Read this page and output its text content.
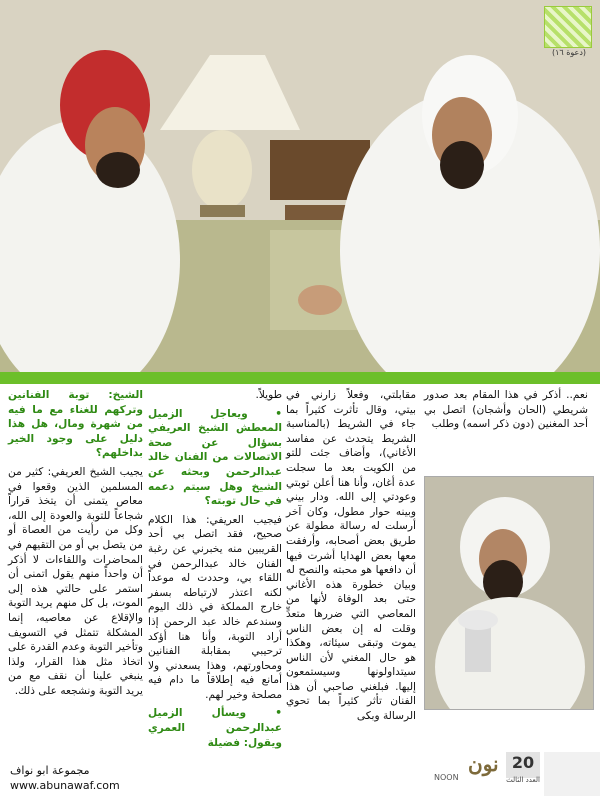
(دعوة ١٦)

نعم.. أذكر في هذا المقام بعد صدور شريطي (الحان وأشجان) اتصل بي أحد المغنين (دون ذكر اسمه) وطلب

مقابلتي، وفعلاً زارني في بيتي، وقال تأثرت كثيراً بما جاء في الشريط (بالمناسبة الشريط يتحدث عن مفاسد الأغاني)، وأضاف جئت للتو من الكويت بعد ما سجلت عدة أغان، وأنا هنا أعلن توبتي وعودتي إلى الله. ودار بيني وبينه حوار مطول، وكان آخر أرسلت له رسالة مطولة عن طريق بعض أصحابه، وأرفقت معها بعض الهدايا أشرت فيها أن دافعها هو محبته والنصح له وبيان خطورة هذه الأغاني حتى بعد الوفاة لأنها من المعاصي التي ضررها متعدٍّ وقلت له إن بعض الناس يموت وتبقى سيئاته، وهكذا هو حال المغني لأن الناس سيتداولونها وسيستمعون إليها. فبلغني صاحبي أن هذا الفنان تأثر كثيراً بما تحوي الرسالة وبكى

طويلاً.

• ويعاجل الزميل المعطش الشيخ العريفي بسؤال عن صحة الاتصالات من الفنان خالد عبدالرحمن وبحثه عن الشيخ وهل سيتم دعمه في حال توبته؟

فيجيب العريفي: هذا الكلام صحيح، فقد اتصل بي أحد القريبين منه يخبرني عن رغبة الفنان خالد عبدالرحمن في اللقاء بي، وحددت له موعداً لكنه اعتذر لارتباطه بسفر خارج المملكة في ذلك اليوم وسندعم خالد عبد الرحمن إذا أراد التوبة، وأنا هنا أؤكد ترحيبي بمقابلة الفنانين ومحاورتهم، وهذا يسعدني ولا أمانع فيه إطلاقاً ما دام فيه مصلحة وخير لهم.

• ويسأل الزميل عبدالرحمن العمري ويقول: فضيلة

الشيخ: توبة الفنانين وتركهم للغناء مع ما فيه من شهرة ومال، هل هذا دليل على وجود الخير بداخلهم؟

يجيب الشيخ العريفي: كثير من المسلمين الذين وقعوا في معاص يتمنى أن يتخذ قراراً شجاعاً للتوبة والعودة إلى الله، وكل من رأيت من العصاة أو من يتصل بي أو من التقيهم في المحاضرات واللقاءات لا أذكر أن واحداً منهم يقول اتمنى أن استمر على حالتي هذه إلى الموت، بل كل منهم يريد التوبة والإقلاع عن معاصيه، إنما المشكلة تتمثل في التسويف وتأخير التوبة وعدم القدرة على اتخاذ مثل هذا القرار، ولذا ينبغي علينا أن نقف مع من يريد التوبة ونشجعه على ذلك.

20
العدد الثالث
نون
NOON
مجموعة ابو نواف
www.abunawaf.com
